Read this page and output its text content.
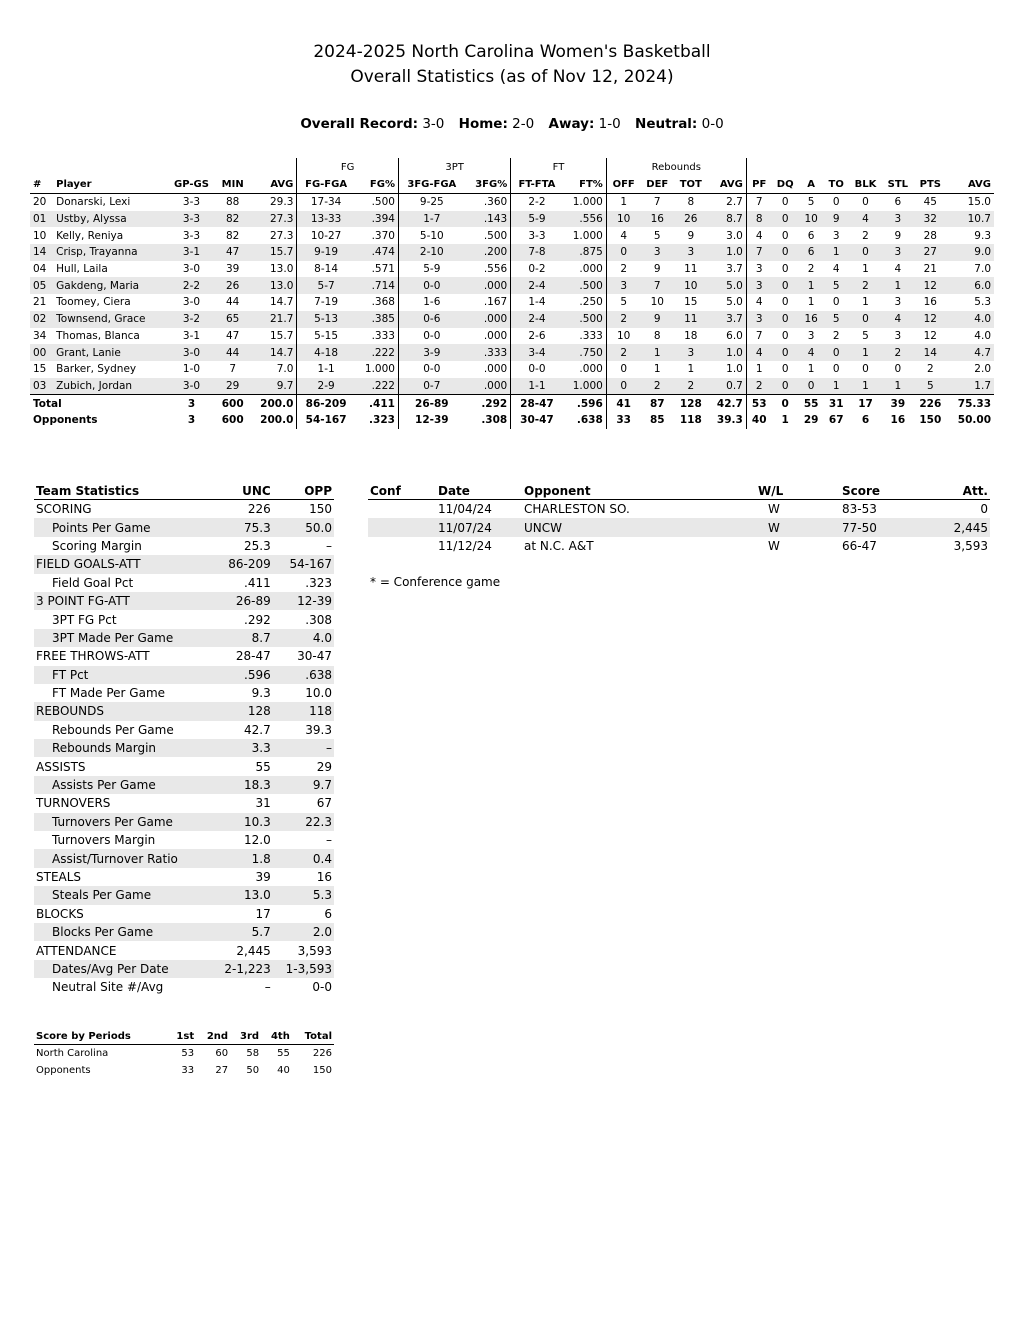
2024-2025 North Carolina Women's Basketball
Overall Statistics (as of Nov 12, 2024)
Overall Record: 3-0 Home: 2-0 Away: 1-0 Neutral: 0-0
					FG		3PT		FT		Rebounds											
#	Player	GP-GS	MIN	AVG	FG-FGA	FG%	3FG-FGA	3FG%	FT-FTA	FT%	OFF	DEF	TOT	AVG	PF	DQ	A	TO	BLK	STL	PTS	AVG
20	Donarski, Lexi	3-3	88	29.3	17-34	.500	9-25	.360	2-2	1.000	1	7	8	2.7	7	0	5	0	0	6	45	15.0
01	Ustby, Alyssa	3-3	82	27.3	13-33	.394	1-7	.143	5-9	.556	10	16	26	8.7	8	0	10	9	4	3	32	10.7
10	Kelly, Reniya	3-3	82	27.3	10-27	.370	5-10	.500	3-3	1.000	4	5	9	3.0	4	0	6	3	2	9	28	9.3
14	Crisp, Trayanna	3-1	47	15.7	9-19	.474	2-10	.200	7-8	.875	0	3	3	1.0	7	0	6	1	0	3	27	9.0
04	Hull, Laila	3-0	39	13.0	8-14	.571	5-9	.556	0-2	.000	2	9	11	3.7	3	0	2	4	1	4	21	7.0
05	Gakdeng, Maria	2-2	26	13.0	5-7	.714	0-0	.000	2-4	.500	3	7	10	5.0	3	0	1	5	2	1	12	6.0
21	Toomey, Ciera	3-0	44	14.7	7-19	.368	1-6	.167	1-4	.250	5	10	15	5.0	4	0	1	0	1	3	16	5.3
02	Townsend, Grace	3-2	65	21.7	5-13	.385	0-6	.000	2-4	.500	2	9	11	3.7	3	0	16	5	0	4	12	4.0
34	Thomas, Blanca	3-1	47	15.7	5-15	.333	0-0	.000	2-6	.333	10	8	18	6.0	7	0	3	2	5	3	12	4.0
00	Grant, Lanie	3-0	44	14.7	4-18	.222	3-9	.333	3-4	.750	2	1	3	1.0	4	0	4	0	1	2	14	4.7
15	Barker, Sydney	1-0	7	7.0	1-1	1.000	0-0	.000	0-0	.000	0	1	1	1.0	1	0	1	0	0	0	2	2.0
03	Zubich, Jordan	3-0	29	9.7	2-9	.222	0-7	.000	1-1	1.000	0	2	2	0.7	2	0	0	1	1	1	5	1.7
Total		3	600	200.0	86-209	.411	26-89	.292	28-47	.596	41	87	128	42.7	53	0	55	31	17	39	226	75.33
Opponents		3	600	200.0	54-167	.323	12-39	.308	30-47	.638	33	85	118	39.3	40	1	29	67	6	16	150	50.00
Team Statistics	UNC	OPP
SCORING	226	150
Points Per Game	75.3	50.0
Scoring Margin	25.3	–
FIELD GOALS-ATT	86-209	54-167
Field Goal Pct	.411	.323
3 POINT FG-ATT	26-89	12-39
3PT FG Pct	.292	.308
3PT Made Per Game	8.7	4.0
FREE THROWS-ATT	28-47	30-47
FT Pct	.596	.638
FT Made Per Game	9.3	10.0
REBOUNDS	128	118
Rebounds Per Game	42.7	39.3
Rebounds Margin	3.3	–
ASSISTS	55	29
Assists Per Game	18.3	9.7
TURNOVERS	31	67
Turnovers Per Game	10.3	22.3
Turnovers Margin	12.0	–
Assist/Turnover Ratio	1.8	0.4
STEALS	39	16
Steals Per Game	13.0	5.3
BLOCKS	17	6
Blocks Per Game	5.7	2.0
ATTENDANCE	2,445	3,593
Dates/Avg Per Date	2-1,223	1-3,593
Neutral Site #/Avg	–	0-0
Conf	Date	Opponent	W/L	Score	Att.
	11/04/24	CHARLESTON SO.	W	83-53	0
	11/07/24	UNCW	W	77-50	2,445
	11/12/24	at N.C. A&T	W	66-47	3,593
* = Conference game
Score by Periods	1st	2nd	3rd	4th	Total
North Carolina	53	60	58	55	226
Opponents	33	27	50	40	150
